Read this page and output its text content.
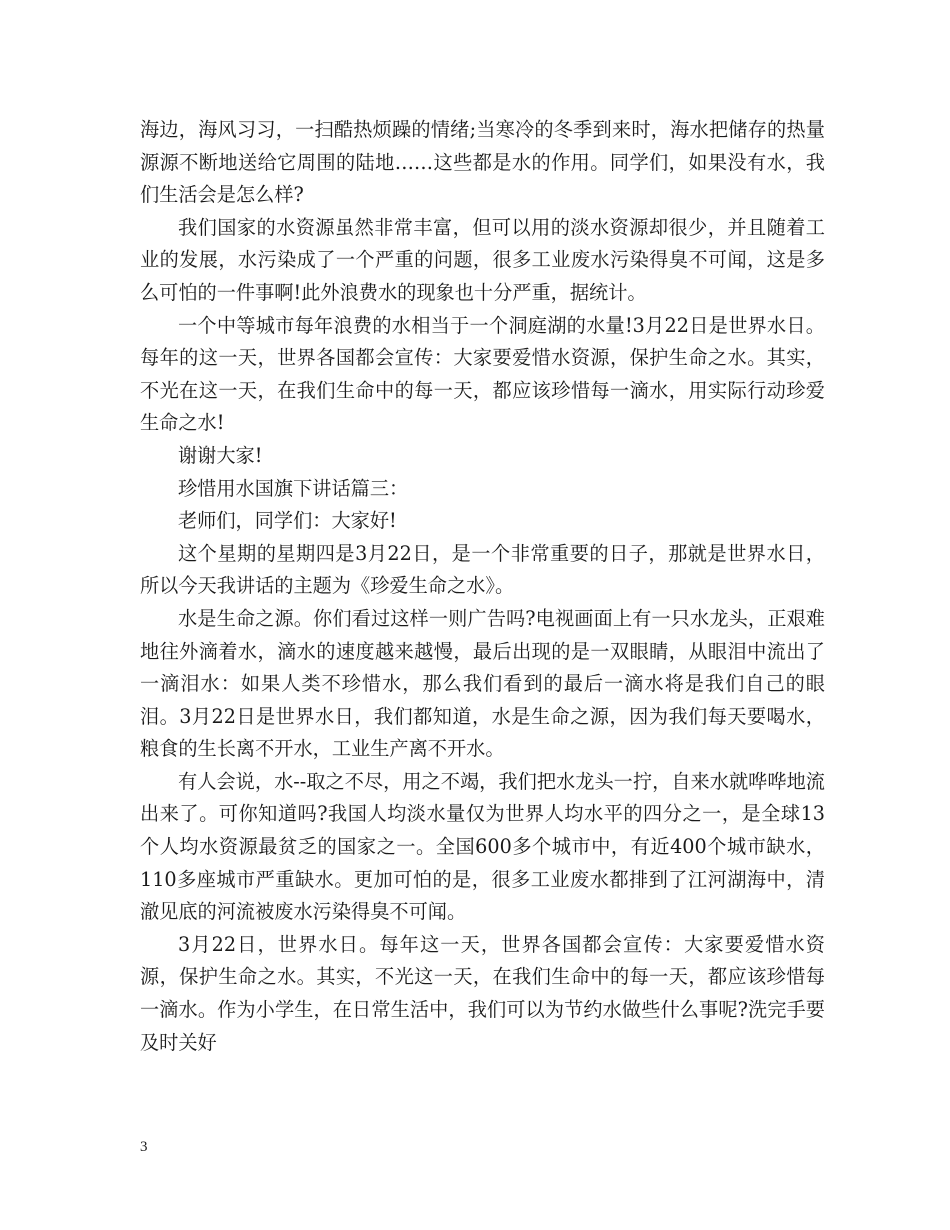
海边，海风习习，一扫酷热烦躁的情绪;当寒冷的冬季到来时，海水把储存的热量源源不断地送给它周围的陆地……这些都是水的作用。同学们，如果没有水，我们生活会是怎么样?

我们国家的水资源虽然非常丰富，但可以用的淡水资源却很少，并且随着工业的发展，水污染成了一个严重的问题，很多工业废水污染得臭不可闻，这是多么可怕的一件事啊!此外浪费水的现象也十分严重，据统计。

一个中等城市每年浪费的水相当于一个洞庭湖的水量!3月22日是世界水日。每年的这一天，世界各国都会宣传：大家要爱惜水资源，保护生命之水。其实，不光在这一天，在我们生命中的每一天，都应该珍惜每一滴水，用实际行动珍爱生命之水!

谢谢大家!

珍惜用水国旗下讲话篇三：

老师们，同学们：大家好!

这个星期的星期四是3月22日，是一个非常重要的日子，那就是世界水日，所以今天我讲话的主题为《珍爱生命之水》。

水是生命之源。你们看过这样一则广告吗?电视画面上有一只水龙头，正艰难地往外滴着水，滴水的速度越来越慢，最后出现的是一双眼睛，从眼泪中流出了一滴泪水：如果人类不珍惜水，那么我们看到的最后一滴水将是我们自己的眼泪。3月22日是世界水日，我们都知道，水是生命之源，因为我们每天要喝水，粮食的生长离不开水，工业生产离不开水。

有人会说，水--取之不尽，用之不竭，我们把水龙头一拧，自来水就哗哗地流出来了。可你知道吗?我国人均淡水量仅为世界人均水平的四分之一，是全球13个人均水资源最贫乏的国家之一。全国600多个城市中，有近400个城市缺水，110多座城市严重缺水。更加可怕的是，很多工业废水都排到了江河湖海中，清澈见底的河流被废水污染得臭不可闻。

3月22日，世界水日。每年这一天，世界各国都会宣传：大家要爱惜水资源，保护生命之水。其实，不光这一天，在我们生命中的每一天，都应该珍惜每一滴水。作为小学生，在日常生活中，我们可以为节约水做些什么事呢?洗完手要及时关好

3
